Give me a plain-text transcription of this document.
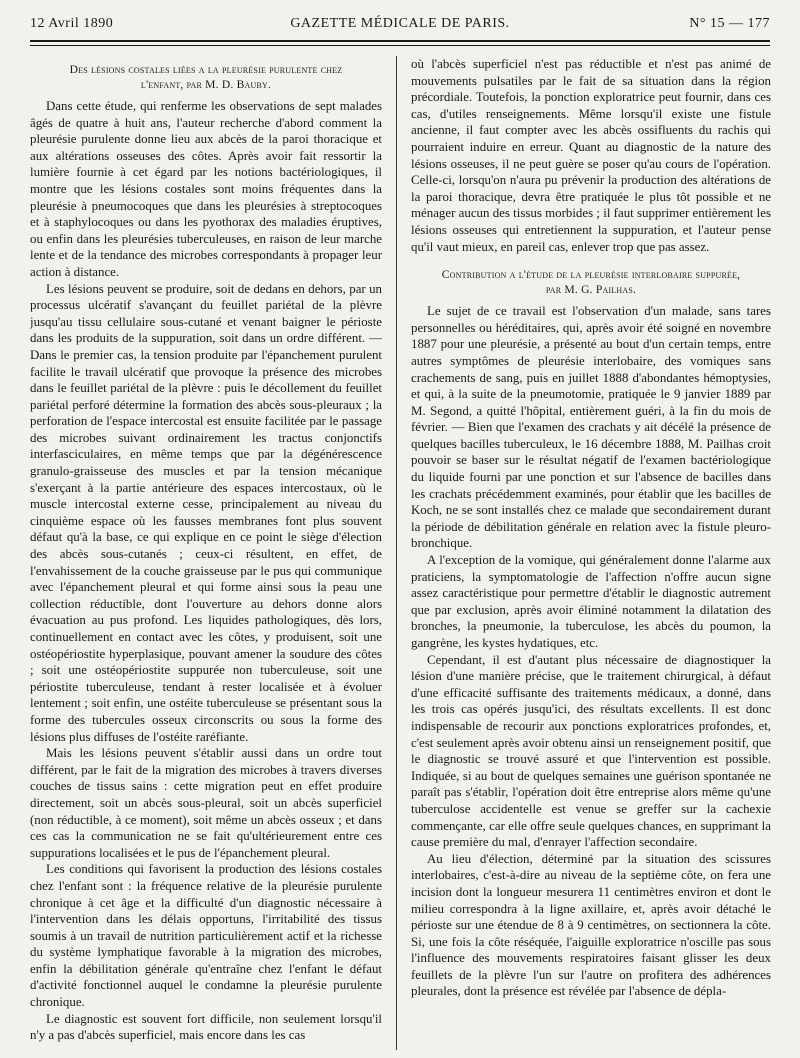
12 Avril 1890	GAZETTE MÉDICALE DE PARIS.	N° 15 — 177
Des lésions costales liées a la pleurésie purulente chez
l'enfant, par M. D. Bauby.

Dans cette étude, qui renferme les observations de sept malades âgés de quatre à huit ans, l'auteur recherche d'abord comment la pleurésie purulente donne lieu aux abcès de la paroi thoracique et aux altérations osseuses des côtes. Après avoir fait ressortir la lumière fournie à cet égard par les notions bactériologiques, il montre que les lésions costales sont moins fréquentes dans la pleurésie à pneumocoques que dans les pleurésies à streptocoques et à staphylocoques ou dans les pyothorax des maladies éruptives, ou enfin dans les pleurésies tuberculeuses, en raison de leur marche lente et de la tendance des microbes correspondants à propager leur action à distance.

Les lésions peuvent se produire, soit de dedans en dehors, par un processus ulcératif s'avançant du feuillet pariétal de la plèvre jusqu'au tissu cellulaire sous-cutané et venant baigner le périoste dans les produits de la suppuration, soit dans un ordre différent. — Dans le premier cas, la tension produite par l'épanchement purulent facilite le travail ulcératif que provoque la présence des microbes dans le feuillet pariétal de la plèvre : puis le décollement du feuillet pariétal perforé détermine la formation des abcès sous-pleuraux ; la perforation de l'espace intercostal est ensuite facilitée par le passage des microbes suivant ordinairement les tractus conjonctifs interfasciculaires, en même temps que par la dégénérescence granulo-graisseuse des muscles et par la tension mécanique s'exerçant à la partie antérieure des espaces intercostaux, où le muscle intercostal externe cesse, principalement au niveau du cinquième espace où les fausses membranes font plus souvent défaut qu'à la base, ce qui explique en ce point le siège d'élection des abcès sous-cutanés ; ceux-ci résultent, en effet, de l'envahissement de la couche graisseuse par le pus qui communique avec l'épanchement pleural et qui forme ainsi sous la peau une collection réductible, dont l'ouverture au dehors donne alors évacuation au pus profond. Les liquides pathologiques, dès lors, continuellement en contact avec les côtes, y produisent, soit une ostéopériostite hyperplasique, pouvant amener la soudure des côtes ; soit une ostéopériostite suppurée non tuberculeuse, soit une périostite tuberculeuse, tendant à rester localisée et à évoluer lentement ; soit enfin, une ostéite tuberculeuse se présentant sous la forme des tubercules osseux circonscrits ou sous la forme des lésions plus diffuses de l'ostéite raréfiante.

Mais les lésions peuvent s'établir aussi dans un ordre tout différent, par le fait de la migration des microbes à travers diverses couches de tissus sains : cette migration peut en effet produire directement, soit un abcès sous-pleural, soit un abcès superficiel (non réductible, à ce moment), soit même un abcès osseux ; et dans ces cas la communication ne se fait qu'ultérieurement entre ces suppurations localisées et le pus de l'épanchement pleural.

Les conditions qui favorisent la production des lésions costales chez l'enfant sont : la fréquence relative de la pleurésie purulente chronique à cet âge et la difficulté d'un diagnostic nécessaire à l'intervention dans les délais opportuns, l'irritabilité des tissus soumis à un travail de nutrition particulièrement actif et la richesse du système lymphatique favorable à la migration des microbes, enfin la débilitation générale qu'entraîne chez l'enfant le défaut d'activité fonctionnel auquel le condamne la pleurésie purulente chronique.

Le diagnostic est souvent fort difficile, non seulement lorsqu'il n'y a pas d'abcès superficiel, mais encore dans les cas

où l'abcès superficiel n'est pas réductible et n'est pas animé de mouvements pulsatiles par le fait de sa situation dans la région précordiale. Toutefois, la ponction exploratrice peut fournir, dans ces cas, d'utiles renseignements. Même lorsqu'il existe une fistule ancienne, il faut compter avec les abcès ossifluents du rachis qui pourraient induire en erreur. Quant au diagnostic de la nature des lésions osseuses, il ne peut guère se poser qu'au cours de l'opération. Celle-ci, lorsqu'on n'aura pu prévenir la production des altérations de la paroi thoracique, devra être pratiquée le plus tôt possible et ne ménager aucun des tissus morbides ; il faut supprimer entièrement les lésions osseuses qui entretiennent la suppuration, et l'auteur pense qu'il vaut mieux, en pareil cas, enlever trop que pas assez.

Contribution a l'étude de la pleurésie interlobaire suppurée,
par M. G. Pailhas.

Le sujet de ce travail est l'observation d'un malade, sans tares personnelles ou héréditaires, qui, après avoir été soigné en novembre 1887 pour une pleurésie, a présenté au bout d'un certain temps, entre autres symptômes de pleurésie interlobaire, des vomiques sans crachements de sang, puis en juillet 1888 d'abondantes hémoptysies, et qui, à la suite de la pneumotomie, pratiquée le 9 janvier 1889 par M. Segond, a quitté l'hôpital, entièrement guéri, à la fin du mois de février. — Bien que l'examen des crachats y ait décélé la présence de quelques bacilles tuberculeux, le 16 décembre 1888, M. Pailhas croit pouvoir se baser sur le résultat négatif de l'examen bactériologique du liquide fourni par une ponction et sur l'absence de bacilles dans les crachats précédemment examinés, pour établir que les bacilles de Koch, ne se sont installés chez ce malade que secondairement durant la période de débilitation générale en relation avec la fistule pleuro-bronchique.

A l'exception de la vomique, qui généralement donne l'alarme aux praticiens, la symptomatologie de l'affection n'offre aucun signe assez caractéristique pour permettre d'établir le diagnostic autrement que par exclusion, après avoir éliminé notamment la dilatation des bronches, la pneumonie, la tuberculose, les abcès du poumon, la gangrène, les kystes hydatiques, etc.

Cependant, il est d'autant plus nécessaire de diagnostiquer la lésion d'une manière précise, que le traitement chirurgical, à défaut d'une efficacité suffisante des traitements médicaux, a donné, dans les trois cas opérés jusqu'ici, des résultats excellents. Il est donc indispensable de recourir aux ponctions exploratrices profondes, et, c'est seulement après avoir obtenu ainsi un renseignement positif, que le diagnostic se trouvé assuré et que l'intervention est possible. Indiquée, si au bout de quelques semaines une guérison spontanée ne paraît pas s'établir, l'opération doit être entreprise alors même qu'une tuberculose accidentelle est venue se greffer sur la cachexie commençante, car elle offre seule quelques chances, en supprimant la cause première du mal, d'enrayer l'affection secondaire.

Au lieu d'élection, déterminé par la situation des scissures interlobaires, c'est-à-dire au niveau de la septième côte, on fera une incision dont la longueur mesurera 11 centimètres environ et dont le milieu correspondra à la ligne axillaire, et, après avoir détaché le périoste sur une étendue de 8 à 9 centimètres, on sectionnera la côte. Si, une fois la côte réséquée, l'aiguille exploratrice n'oscille pas sous l'influence des mouvements respiratoires faisant glisser les deux feuillets de la plèvre l'un sur l'autre on profitera des adhérences pleurales, dont la présence est révélée par l'absence de dépla-
